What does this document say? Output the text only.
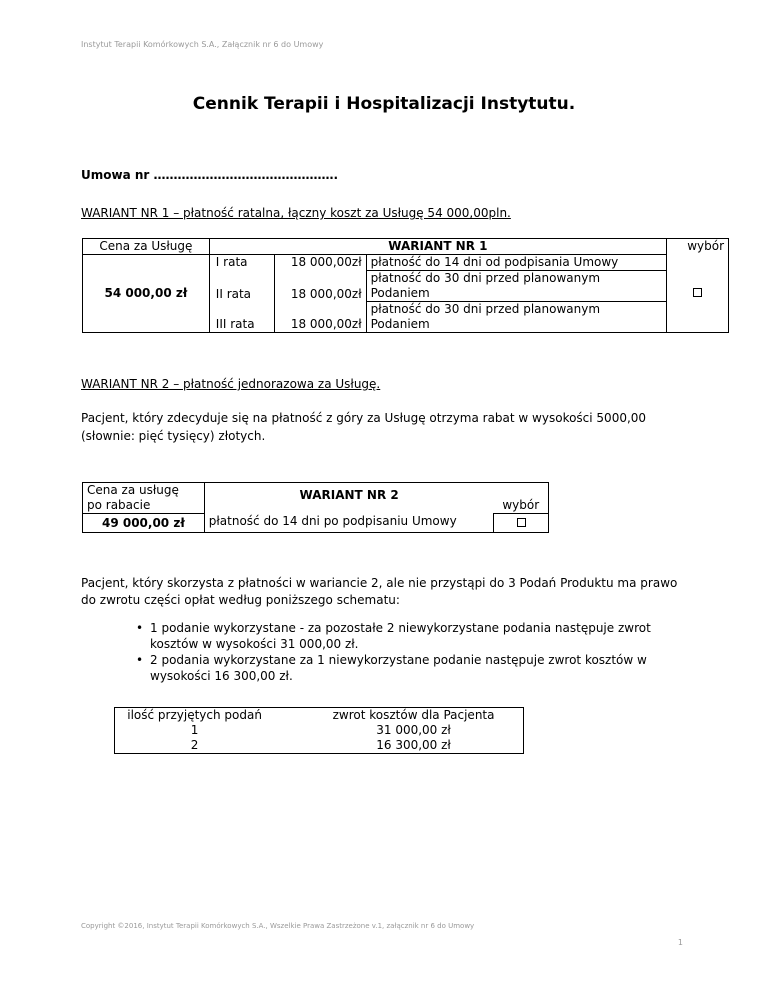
Instytut Terapii Komórkowych S.A., Załącznik nr 6 do Umowy
Cennik Terapii i Hospitalizacji Instytutu.
Umowa nr ……………………………………….
WARIANT NR 1 – płatność ratalna, łączny koszt za Usługę 54 000,00pln.
Cena za Usługę	WARIANT NR 1			wybór
54 000,00 zł	I rata	18 000,00zł	płatność do 14 dni od podpisania Umowy	
	II rata	18 000,00zł	płatność do 30 dni przed planowanym
Podaniem	

	III rata	18 000,00zł	płatność do 30 dni przed planowanym
Podaniem	
WARIANT NR 2 – płatność jednorazowa za Usługę.
Pacjent, który zdecyduje się na płatność z góry za Usługę otrzyma rabat w wysokości 5000,00 (słownie: pięć tysięcy) złotych.
Cena za usługę
po rabacie	WARIANT NR 2	wybór
49 000,00 zł	płatność do 14 dni po podpisaniu Umowy	
Pacjent, który skorzysta z płatności w wariancie 2, ale nie przystąpi do 3 Podań Produktu ma prawo do zwrotu części opłat według poniższego schematu:
• 1 podanie wykorzystane - za pozostałe 2 niewykorzystane podania następuje zwrot kosztów w wysokości 31 000,00 zł.
• 2 podania wykorzystane za 1 niewykorzystane podanie następuje zwrot kosztów w wysokości 16 300,00 zł.
ilość przyjętych podań		zwrot kosztów dla Pacjenta
1		31 000,00 zł
2		16 300,00 zł
Copyright ©2016, Instytut Terapii Komórkowych S.A., Wszelkie Prawa Zastrzeżone v.1, załącznik nr 6 do Umowy
1
